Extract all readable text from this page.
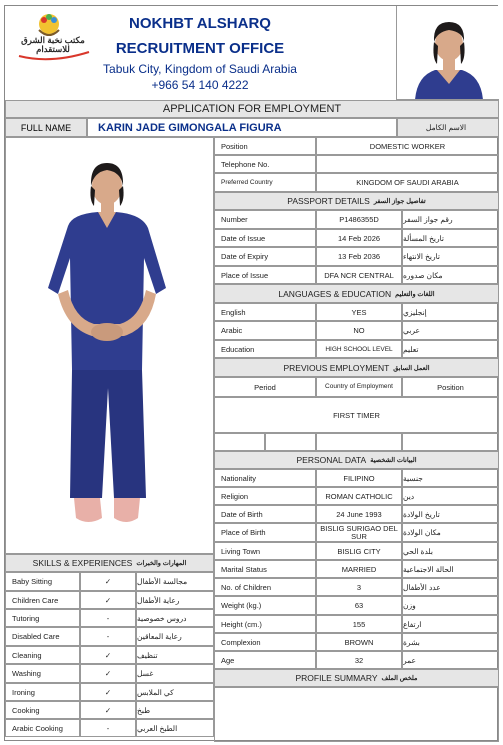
مكتب نخبة الشرق للاستقدام
NOKHBT ALSHARQ
RECRUITMENT OFFICE
Tabuk City, Kingdom of Saudi Arabia
+966 54 140 4222
APPLICATION FOR EMPLOYMENT
FULL NAME KARIN JADE GIMONGALA FIGURA	الاسم الكامل
Position	DOMESTIC WORKER
Telephone No.
Preferred Country	KINGDOM OF SAUDI ARABIA
PASSPORT DETAILS تفاصيل جواز السفر
Number	P1486355D	رقم جواز السفر
Date of Issue	14 Feb 2026	تاريخ المسألة
Date of Expiry	13 Feb 2036	تاريخ الانتهاء
Place of Issue	DFA NCR CENTRAL مكان صدوره
LANGUAGES & EDUCATION اللغات والتعليم
English	YES	إنجليزي
Arabic	NO	عربي
Education	HIGH SCHOOL LEVEL تعليم
PREVIOUS EMPLOYMENT العمل السابق
Period	Country of Employment	Position
FIRST TIMER
PERSONAL DATA البيانات الشخصية
Nationality	FILIPINO	جنسية
Religion	ROMAN CATHOLIC دين
Date of Birth	24 June 1993	تاريخ الولادة
Place of Birth	BISLIG SURIGAO DEL SUR	مكان الولادة
Living Town	BISLIG CITY	بلدة الحي
Marital Status	MARRIED	الحالة الاجتماعية
No. of Children	3	عدد الأطفال
Weight (kg.)	63	وزن
Height (cm.)	155	ارتفاع
Complexion	BROWN	بشرة
Age	32	عمر
PROFILE SUMMARY ملخص الملف
SKILLS & EXPERIENCES المهارات والخبرات
Baby Sitting	✓	مجالسة الأطفال
Children Care	✓	رعاية الأطفال
Tutoring	-	دروس خصوصية
Disabled Care	-	رعاية المعاقين
Cleaning	✓	تنظيف
Washing	✓	غسل
Ironing	✓	كي الملابس
Cooking	✓	طبخ
Arabic Cooking	-	الطبخ العربي
